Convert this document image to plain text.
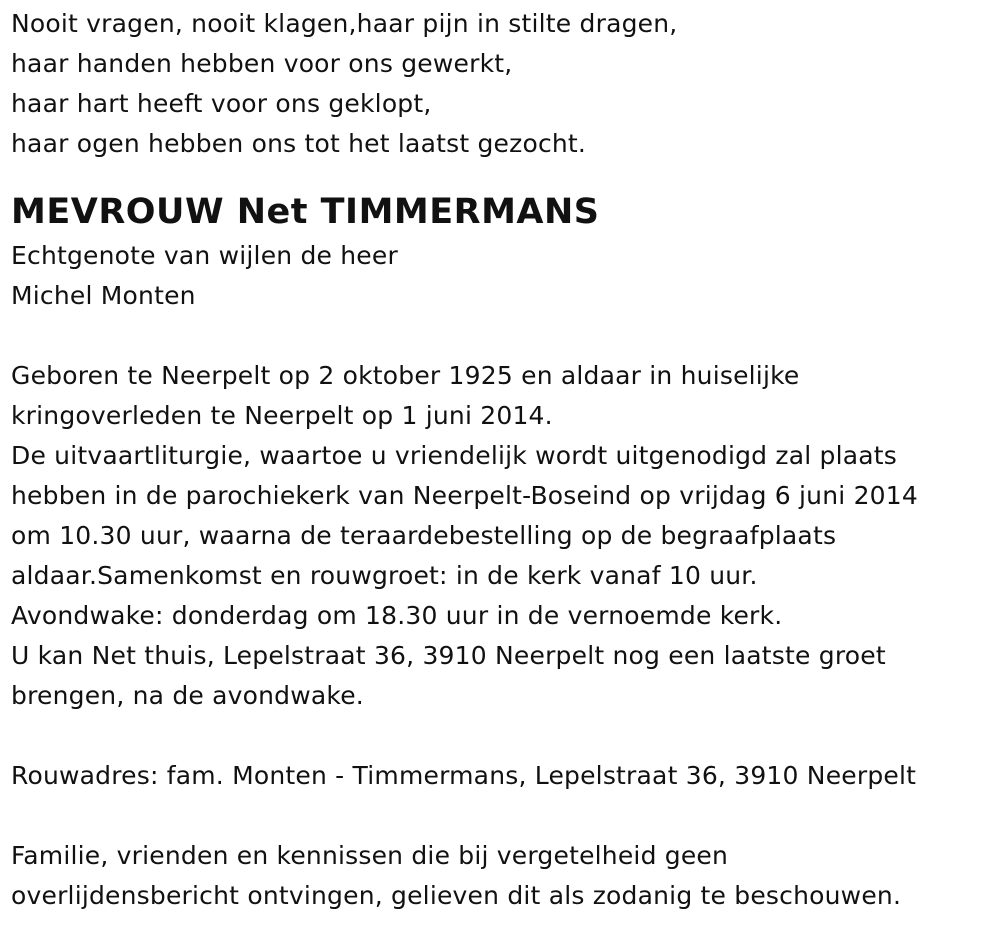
Nooit vragen, nooit klagen,haar pijn in stilte dragen,
haar handen hebben voor ons gewerkt,
haar hart heeft voor ons geklopt,
haar ogen hebben ons tot het laatst gezocht.
MEVROUW Net TIMMERMANS
Echtgenote van wijlen de heer
Michel Monten
Geboren te Neerpelt op 2 oktober 1925 en aldaar in huiselijke
kringoverleden te Neerpelt op 1 juni 2014.
De uitvaartliturgie, waartoe u vriendelijk wordt uitgenodigd zal plaats
hebben in de parochiekerk van Neerpelt-Boseind op vrijdag 6 juni 2014
om 10.30 uur, waarna de teraardebestelling op de begraafplaats
aldaar.Samenkomst en rouwgroet: in de kerk vanaf 10 uur.
Avondwake: donderdag om 18.30 uur in de vernoemde kerk.
U kan Net thuis, Lepelstraat 36, 3910 Neerpelt nog een laatste groet
brengen, na de avondwake.
Rouwadres: fam. Monten - Timmermans, Lepelstraat 36, 3910 Neerpelt
Familie, vrienden en kennissen die bij vergetelheid geen
overlijdensbericht ontvingen, gelieven dit als zodanig te beschouwen.
